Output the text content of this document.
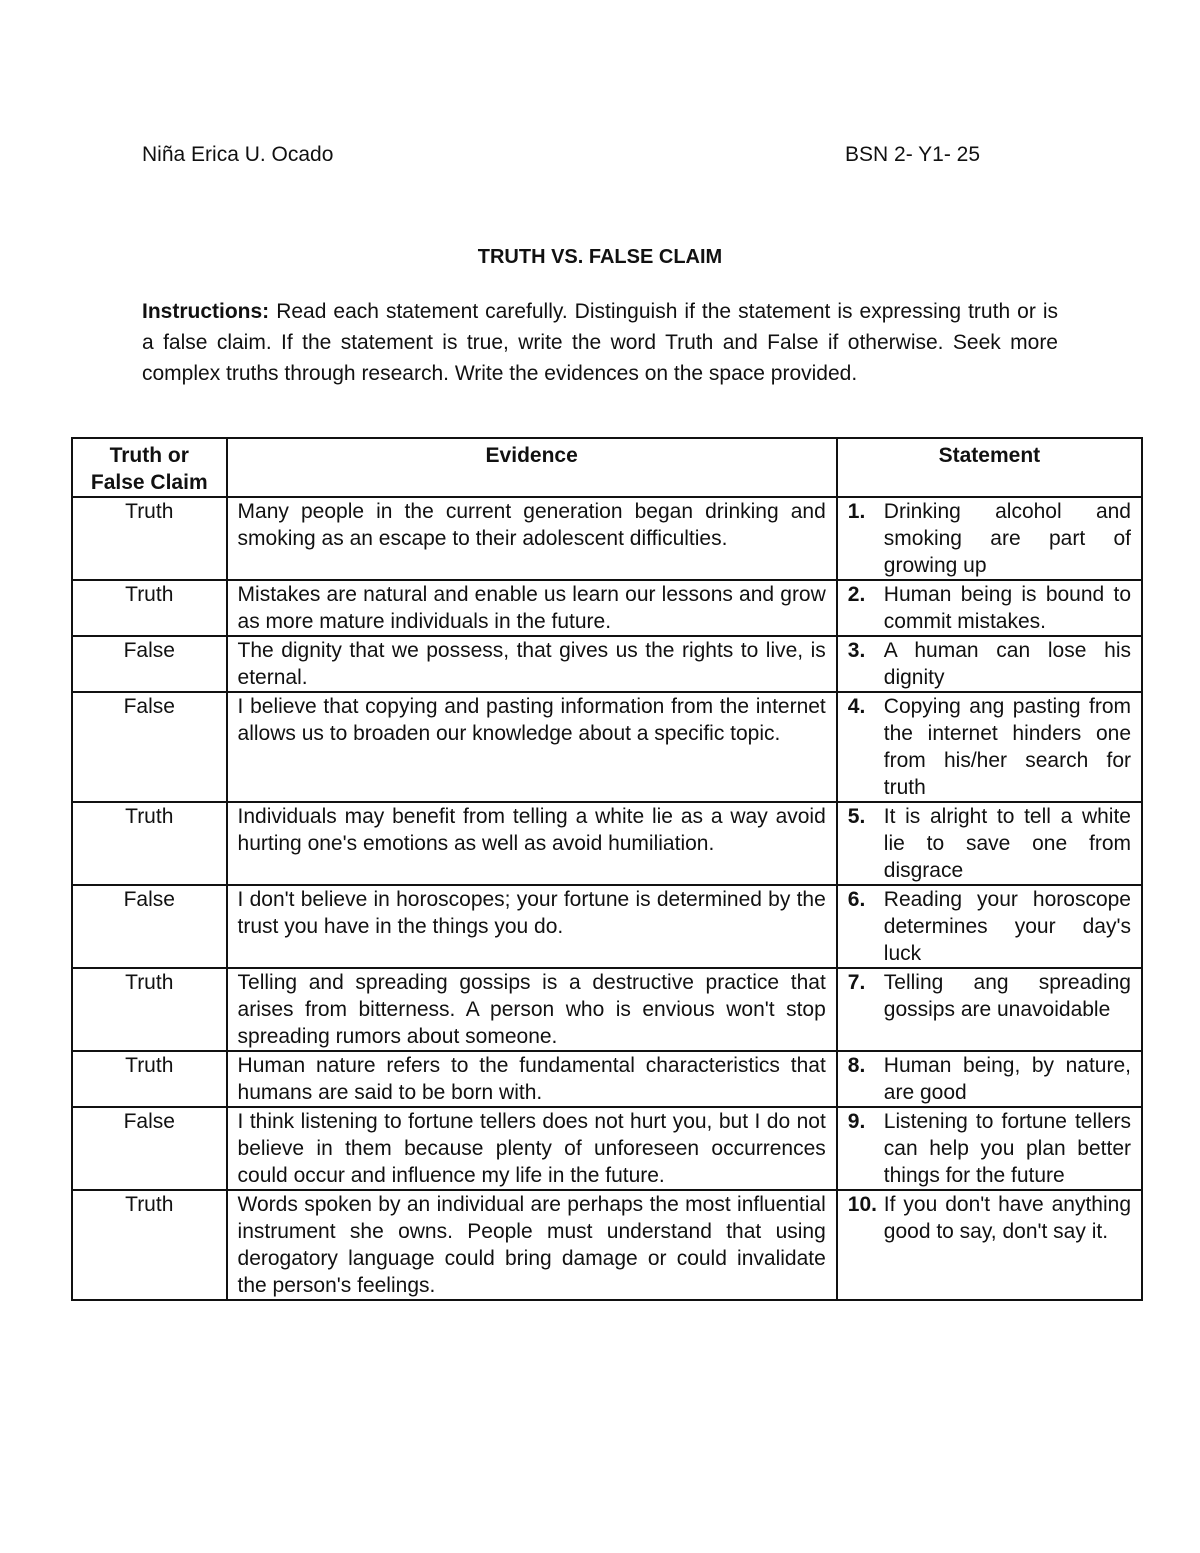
Niña Erica U. Ocado	BSN 2- Y1- 25
TRUTH VS. FALSE CLAIM
Instructions: Read each statement carefully. Distinguish if the statement is expressing truth or is a false claim. If the statement is true, write the word Truth and False if otherwise. Seek more complex truths through research. Write the evidences on the space provided.
Truth or False Claim	Evidence	Statement
Truth	Many people in the current generation began drinking and smoking as an escape to their adolescent difficulties.	1. Drinking alcohol and smoking are part of growing up

Truth	Mistakes are natural and enable us learn our lessons and grow as more mature individuals in the future.	2. Human being is bound to commit mistakes.

False	The dignity that we possess, that gives us the rights to live, is eternal.	3. A human can lose his dignity

False	I believe that copying and pasting information from the internet allows us to broaden our knowledge about a specific topic.	4. Copying ang pasting from the internet hinders one from his/her search for truth

Truth	Individuals may benefit from telling a white lie as a way avoid hurting one's emotions as well as avoid humiliation.	5. It is alright to tell a white lie to save one from disgrace

False	I don't believe in horoscopes; your fortune is determined by the trust you have in the things you do.	6. Reading your horoscope determines your day's luck

Truth	Telling and spreading gossips is a destructive practice that arises from bitterness. A person who is envious won't stop spreading rumors about someone.	7. Telling ang spreading gossips are unavoidable

Truth	Human nature refers to the fundamental characteristics that humans are said to be born with.	8. Human being, by nature, are good

False	I think listening to fortune tellers does not hurt you, but I do not believe in them because plenty of unforeseen occurrences could occur and influence my life in the future.	9. Listening to fortune tellers can help you plan better things for the future

Truth	Words spoken by an individual are perhaps the most influential instrument she owns. People must understand that using derogatory language could bring damage or could invalidate the person's feelings.	10. If you don't have anything good to say, don't say it.
